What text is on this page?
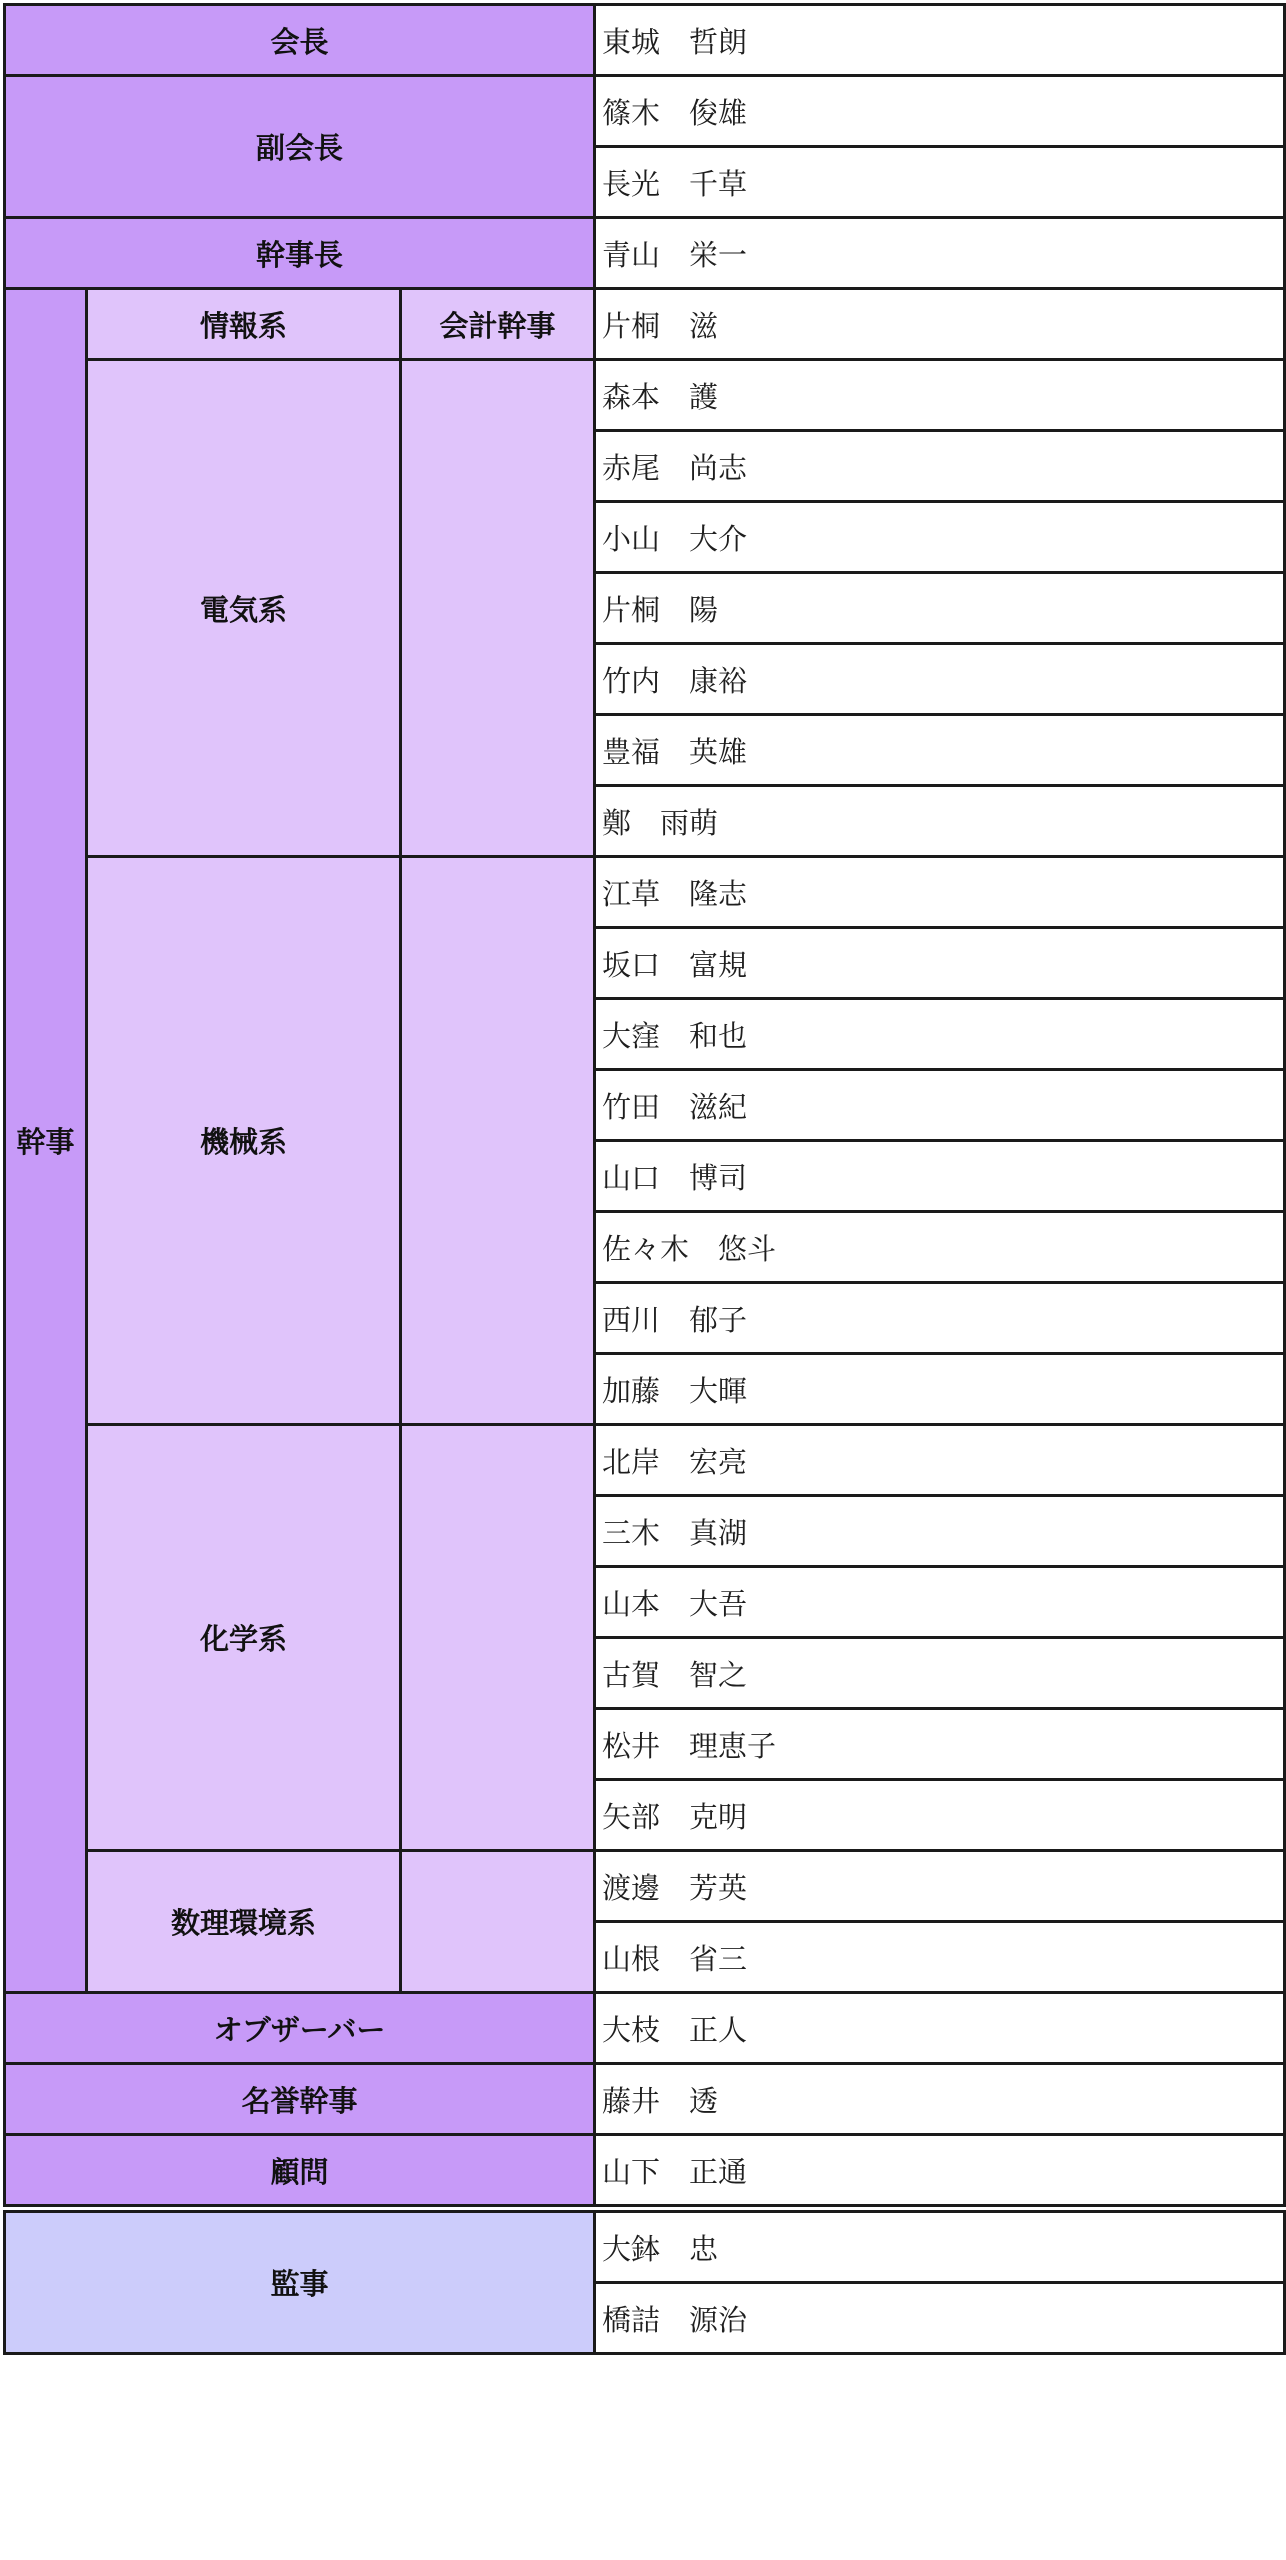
会長			東城　哲朗	
副会長			篠木　俊雄	
			長光　千草	
幹事長			青山　栄一	
幹事	情報系	会計幹事	片桐　滋	
	電気系		森本　護	
			赤尾　尚志	
			小山　大介	
			片桐　陽	
			竹内　康裕	
			豊福　英雄	
			鄭　雨萌	
	機械系		江草　隆志	
			坂口　富規	
			大窪　和也	
			竹田　滋紀	
			山口　博司	
			佐々木　悠斗	
			西川　郁子	
			加藤　大暉	
	化学系		北岸　宏亮	
			三木　真湖	
			山本　大吾	
			古賀　智之	
			松井　理恵子	
			矢部　克明	
	数理環境系		渡邊　芳英	
			山根　省三	
オブザーバー			大枝　正人	
名誉幹事			藤井　透	
顧問			山下　正通	

監事			大鉢　忠	
			橋詰　源治	
